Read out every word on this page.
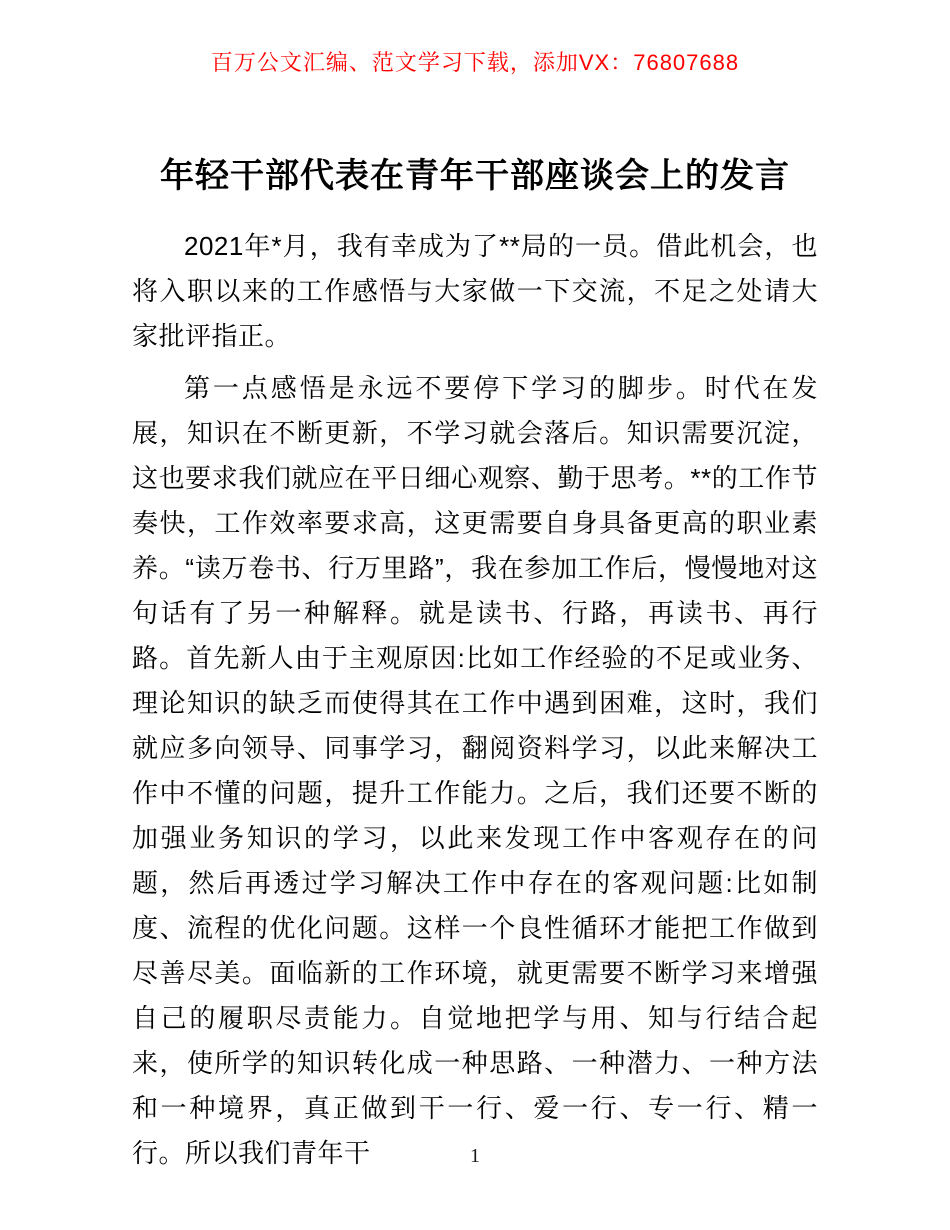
百万公文汇编、范文学习下载，添加VX：76807688
年轻干部代表在青年干部座谈会上的发言

2021年*月，我有幸成为了**局的一员。借此机会，也将入职以来的工作感悟与大家做一下交流，不足之处请大家批评指正。

第一点感悟是永远不要停下学习的脚步。时代在发展，知识在不断更新，不学习就会落后。知识需要沉淀，这也要求我们就应在平日细心观察、勤于思考。**的工作节奏快，工作效率要求高，这更需要自身具备更高的职业素养。“读万卷书、行万里路”，我在参加工作后，慢慢地对这句话有了另一种解释。就是读书、行路，再读书、再行路。首先新人由于主观原因:比如工作经验的不足或业务、理论知识的缺乏而使得其在工作中遇到困难，这时，我们就应多向领导、同事学习，翻阅资料学习，以此来解决工作中不懂的问题，提升工作能力。之后，我们还要不断的加强业务知识的学习，以此来发现工作中客观存在的问题，然后再透过学习解决工作中存在的客观问题:比如制度、流程的优化问题。这样一个良性循环才能把工作做到尽善尽美。面临新的工作环境，就更需要不断学习来增强自己的履职尽责能力。自觉地把学与用、知与行结合起来，使所学的知识转化成一种思路、一种潜力、一种方法和一种境界，真正做到干一行、爱一行、专一行、精一行。所以我们青年干	1
